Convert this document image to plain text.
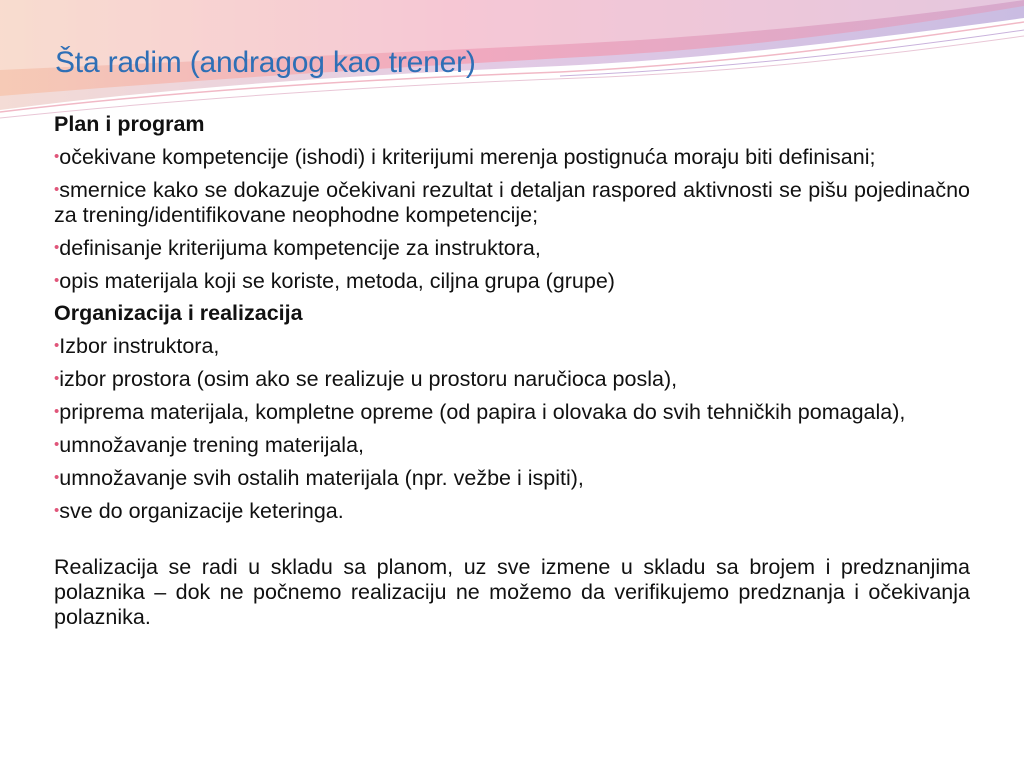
Šta radim (andragog kao trener)
Plan i program
•očekivane kompetencije (ishodi) i kriterijumi merenja postignuća moraju biti definisani;
•smernice kako se dokazuje očekivani rezultat i detaljan raspored aktivnosti se pišu pojedinačno za trening/identifikovane neophodne kompetencije;
•definisanje kriterijuma kompetencije za instruktora,
•opis materijala koji se koriste, metoda, ciljna grupa (grupe)
Organizacija i realizacija
•Izbor instruktora,
•izbor prostora (osim ako se realizuje u prostoru naručioca posla),
•priprema materijala, kompletne opreme (od papira i olovaka do svih tehničkih pomagala),
•umnožavanje trening materijala,
•umnožavanje svih ostalih materijala (npr. vežbe i ispiti),
•sve do organizacije keteringa.

Realizacija se radi u skladu sa planom, uz sve izmene u skladu sa brojem i predznanjima polaznika – dok ne počnemo realizaciju ne možemo da verifikujemo predznanja i očekivanja polaznika.
